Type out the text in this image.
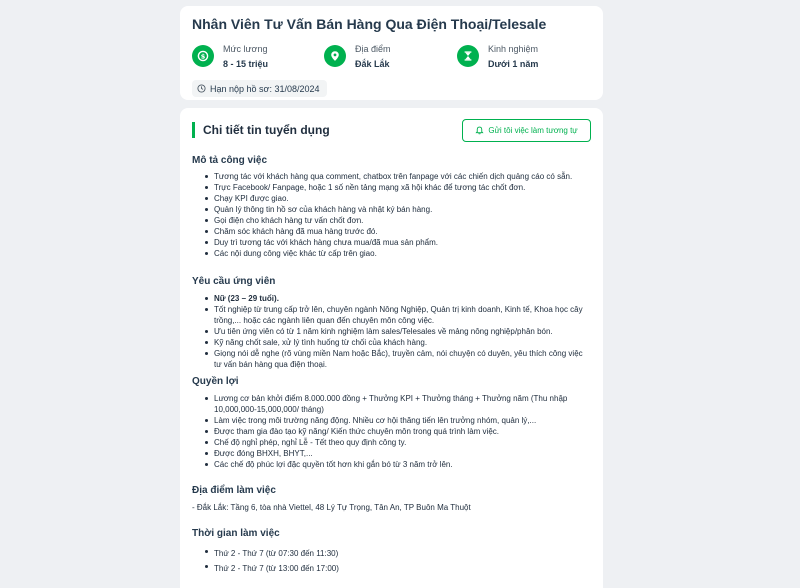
Nhân Viên Tư Vấn Bán Hàng Qua Điện Thoại/Telesale
$
Mức lương
8 - 15 triệu
Địa điểm
Đắk Lắk
Kinh nghiệm
Dưới 1 năm
Hạn nộp hồ sơ: 31/08/2024
Chi tiết tin tuyển dụng	Gửi tôi việc làm tương tự
Mô tả công việc
Tương tác với khách hàng qua comment, chatbox trên fanpage với các chiến dịch quảng cáo có sẵn.
Trực Facebook/ Fanpage, hoặc 1 số nền tảng mạng xã hội khác để tương tác chốt đơn.
Chạy KPI được giao.
Quản lý thông tin hồ sơ của khách hàng và nhật ký bán hàng.
Gọi điện cho khách hàng tư vấn chốt đơn.
Chăm sóc khách hàng đã mua hàng trước đó.
Duy trì tương tác với khách hàng chưa mua/đã mua sản phẩm.
Các nội dung công việc khác từ cấp trên giao.
Yêu cầu ứng viên
Nữ (23 – 29 tuổi).
Tốt nghiệp từ trung cấp trở lên, chuyên ngành Nông Nghiệp, Quản trị kinh doanh, Kinh tế, Khoa học cây trồng,... hoặc các ngành liên quan đến chuyên môn công việc.
Ưu tiên ứng viên có từ 1 năm kinh nghiệm làm sales/Telesales về mảng nông nghiệp/phân bón.
Kỹ năng chốt sale, xử lý tình huống từ chối của khách hàng.
Giọng nói dễ nghe (rõ vùng miền Nam hoặc Bắc), truyền cảm, nói chuyện có duyên, yêu thích công việc tư vấn bán hàng qua điện thoại.
Quyền lợi
Lương cơ bản khởi điểm 8.000.000 đồng + Thưởng KPI + Thưởng tháng + Thưởng năm (Thu nhập 10,000,000-15,000,000/ tháng)
Làm việc trong môi trường năng động. Nhiều cơ hội thăng tiến lên trưởng nhóm, quản lý,...
Được tham gia đào tạo kỹ năng/ Kiến thức chuyên môn trong quá trình làm việc.
Chế độ nghỉ phép, nghỉ Lễ - Tết theo quy định công ty.
Được đóng BHXH, BHYT,...
Các chế độ phúc lợi đặc quyền tốt hơn khi gắn bó từ 3 năm trở lên.
Địa điểm làm việc
- Đắk Lắk: Tầng 6, tòa nhà Viettel, 48 Lý Tự Trọng, Tân An, TP Buôn Ma Thuột
Thời gian làm việc
Thứ 2 - Thứ 7 (từ 07:30 đến 11:30)
Thứ 2 - Thứ 7 (từ 13:00 đến 17:00)
